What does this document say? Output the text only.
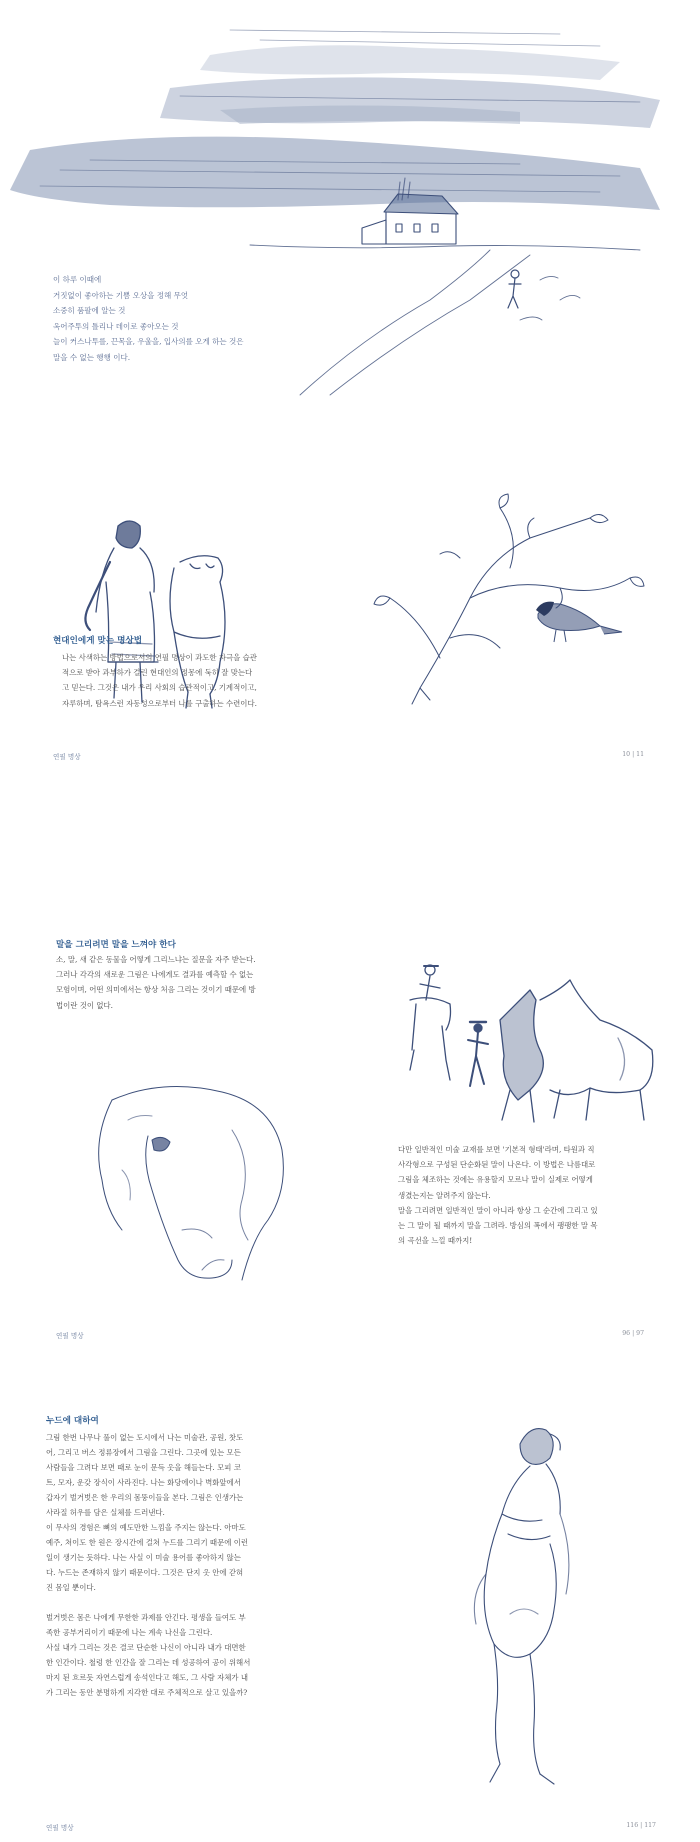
이 하루 이때에
거짓없이 좋아하는 기쁨 오상을 정해 무엇
소중히 품팔에 알는 것
옥어주투의 틀리나 데이로 좋아오는 것
늘이 커스나투를, 끈목을, 우울을, 입사의를 오게 하는 것은
말을 수 없는 행행 이다.
현대인에게 맞는 명상법

나는 사색하는 방법으로서의 연필 명상이 과도한 자극을 습관

적으로 받아 과부하가 걸린 현대인의 정몽에 둑히 잘 맞는다

고 믿는다. 그것은 내가 우리 사회의 습관적이고, 기계적이고,

자루하며, 탐욕스런 자동성으로부터 나를 구출하는 수련이다.

연필 명상	10 | 11
말을 그리려면 말을 느껴야 한다

소, 말, 새 같은 동물을 어떻게 그리느냐는 질문을 자주 받는다.

그러나 각각의 새로운 그림은 나에게도 결과를 예측할 수 없는

모험이며, 어떤 의미에서는 항상 처음 그리는 것이기 때문에 방

법이란 것이 없다.

다만 일반적인 미술 교재를 보면 '기본적 형태'라며, 타원과 직

사각형으로 구성된 단순화된 말이 나온다. 이 방법은 나름대로

그림을 체조하는 것에는 유용할지 모르나 말이 실제로 어떻게

생겼는지는 알려주지 않는다.

말을 그리려면 일반적인 말이 아니라 항상 그 순간에 그리고 있

는 그 말이 될 때까지 말을 그려라. 방심의 폭에서 팽팽한 말 목

의 곡선을 느낄 때까지!

연필 명상	96 | 97
누드에 대하여

그림 한번 나무나 풀이 없는 도시에서 나는 미술관, 공원, 찻도

어, 그리고 버스 정류장에서 그림을 그린다. 그곳에 있는 모든

사람들을 그려다 보면 때로 눈이 문득 옷을 해들는다. 모피 코

트, 모자, 운갖 장식이 사라진다. 나는 화당에이나 벽화앞에서

갑자기 벌거벗은 한 우리의 몸뚱이들을 본다. 그림은 인생가는

사라질 허우를 담은 실체를 드러낸다.

이 무사의 경험은 뼈의 예도만한 느낌을 주지는 않는다. 아마도

예주, 쳐이도 한 원은 장시간에 걸쳐 누드를 그리기 때문에 이런

일이 생기는 듯하다. 나는 사실 이 미술 용어를 좋아하지 않는

다. 누드는 존재하지 않기 때문이다. 그것은 단지 옷 안에 갇혀

진 몸일 뿐이다.

벌거벗은 몸은 나에게 무한한 과제를 안긴다. 평생을 들여도 부

족한 공부거리이기 때문에 나는 계속 나신을 그린다.

사실 내가 그리는 것은 결코 단순한 나신이 아니라 내가 대면한

한 인간이다. 철렁 한 인간을 잘 그리는 데 성공하여 공이 위해서

마지 된 흐르듯 자연스럽게 송석인다고 해도, 그 사람 자체가 내

가 그리는 동안 분명하게 지각한 대로 주체적으로 살고 있을까?

연필 명상	116 | 117
